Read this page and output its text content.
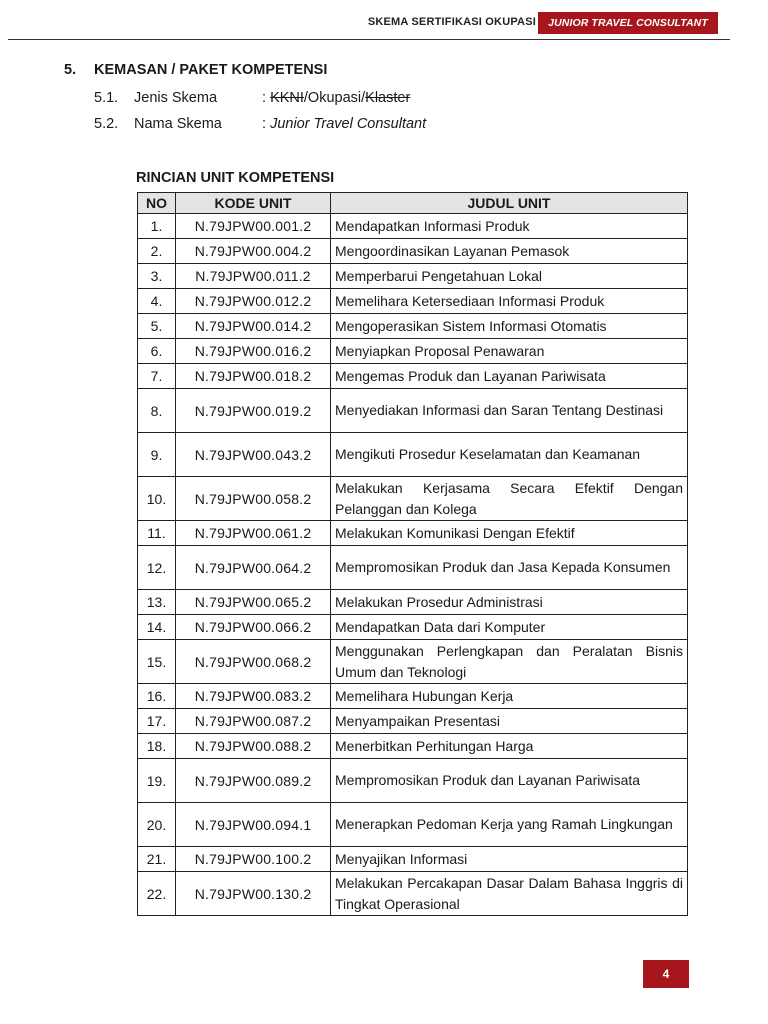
SKEMA SERTIFIKASI OKUPASI	JUNIOR TRAVEL CONSULTANT
5. KEMASAN / PAKET KOMPETENSI
5.1. Jenis Skema	: KKNI/Okupasi/Klaster
5.2. Nama Skema	: Junior Travel Consultant
RINCIAN UNIT KOMPETENSI
NO	KODE UNIT	JUDUL UNIT
1.	N.79JPW00.001.2	Mendapatkan Informasi Produk
2.	N.79JPW00.004.2	Mengoordinasikan Layanan Pemasok
3.	N.79JPW00.011.2	Memperbarui Pengetahuan Lokal
4.	N.79JPW00.012.2	Memelihara Ketersediaan Informasi Produk
5.	N.79JPW00.014.2	Mengoperasikan Sistem Informasi Otomatis
6.	N.79JPW00.016.2	Menyiapkan Proposal Penawaran
7.	N.79JPW00.018.2	Mengemas Produk dan Layanan Pariwisata
8.	N.79JPW00.019.2	Menyediakan Informasi dan Saran Tentang Destinasi
9.	N.79JPW00.043.2	Mengikuti Prosedur Keselamatan dan Keamanan
10.	N.79JPW00.058.2	Melakukan Kerjasama Secara Efektif Dengan Pelanggan dan Kolega
11.	N.79JPW00.061.2	Melakukan Komunikasi Dengan Efektif
12.	N.79JPW00.064.2	Mempromosikan Produk dan Jasa Kepada Konsumen
13.	N.79JPW00.065.2	Melakukan Prosedur Administrasi
14.	N.79JPW00.066.2	Mendapatkan Data dari Komputer
15.	N.79JPW00.068.2	Menggunakan Perlengkapan dan Peralatan Bisnis Umum dan Teknologi
16.	N.79JPW00.083.2	Memelihara Hubungan Kerja
17.	N.79JPW00.087.2	Menyampaikan Presentasi
18.	N.79JPW00.088.2	Menerbitkan Perhitungan Harga
19.	N.79JPW00.089.2	Mempromosikan Produk dan Layanan Pariwisata
20.	N.79JPW00.094.1	Menerapkan Pedoman Kerja yang Ramah Lingkungan
21.	N.79JPW00.100.2	Menyajikan Informasi
22.	N.79JPW00.130.2	Melakukan Percakapan Dasar Dalam Bahasa Inggris di Tingkat Operasional
4
